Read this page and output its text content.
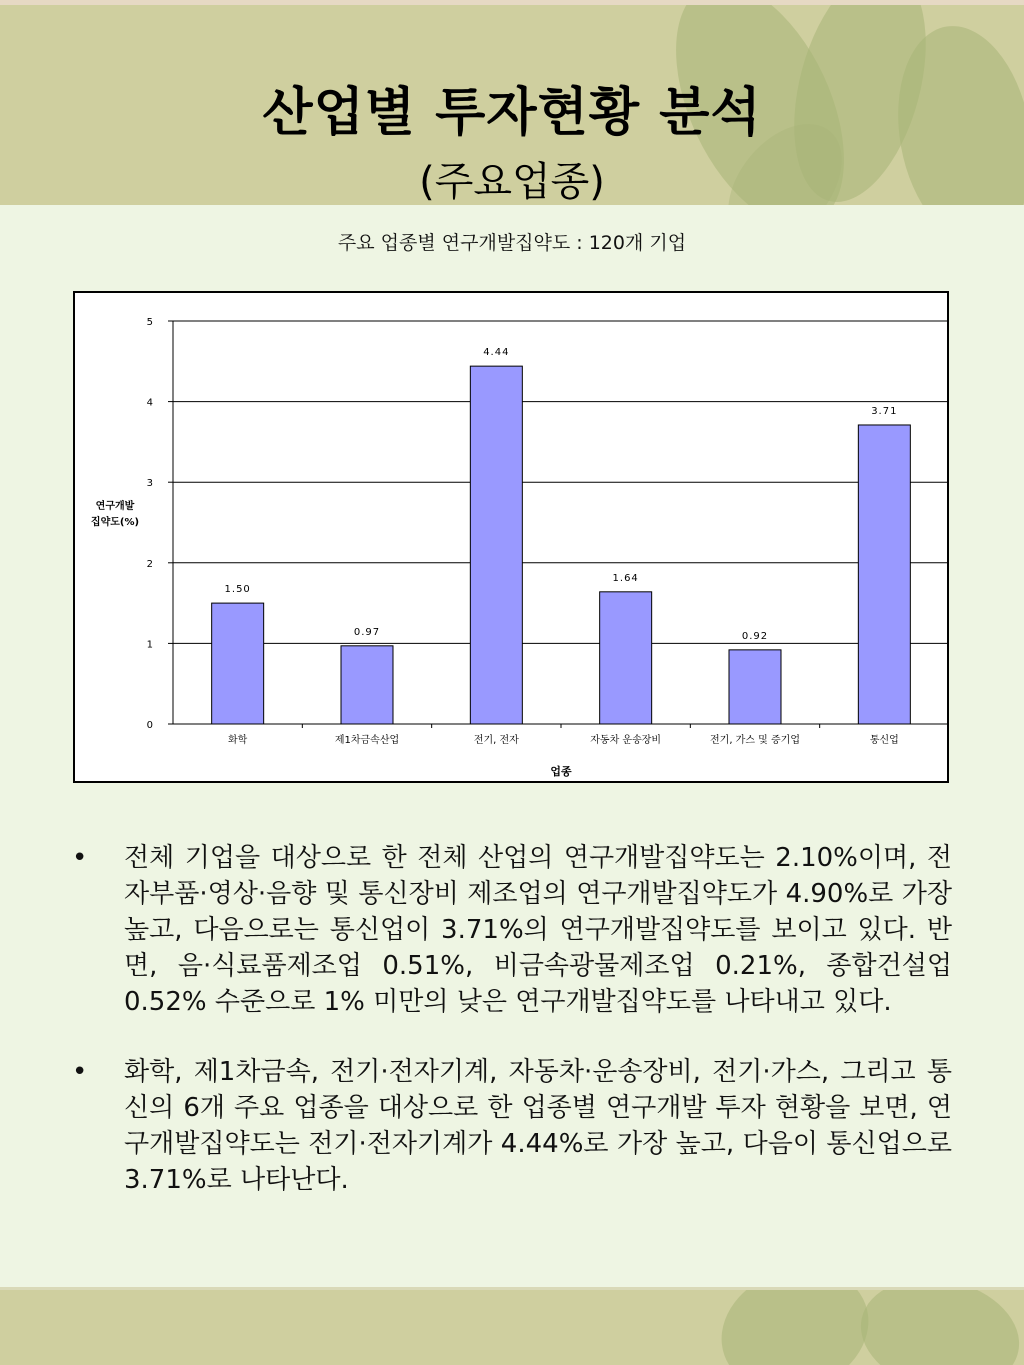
산업별 투자현황 분석
(주요업종)
주요 업종별 연구개발집약도 : 120개 기업
0
1
2
3
4
5
연구개발
집약도(%)
1.50
화학
0.97
제1차금속산업
4.44
전기, 전자
1.64
자동차 운송장비
0.92
전기, 가스 및 증기업
3.71
통신업
업종
• 전체 기업을 대상으로 한 전체 산업의 연구개발집약도는 2.10%이며, 전자부품·영상·음향 및 통신장비 제조업의 연구개발집약도가 4.90%로 가장 높고, 다음으로는 통신업이 3.71%의 연구개발집약도를 보이고 있다. 반면, 음·식료품제조업 0.51%, 비금속광물제조업 0.21%, 종합건설업 0.52% 수준으로 1% 미만의 낮은 연구개발집약도를 나타내고 있다.
• 화학, 제1차금속, 전기·전자기계, 자동차·운송장비, 전기·가스, 그리고 통신의 6개 주요 업종을 대상으로 한 업종별 연구개발 투자 현황을 보면, 연구개발집약도는 전기·전자기계가 4.44%로 가장 높고, 다음이 통신업으로 3.71%로 나타난다.
